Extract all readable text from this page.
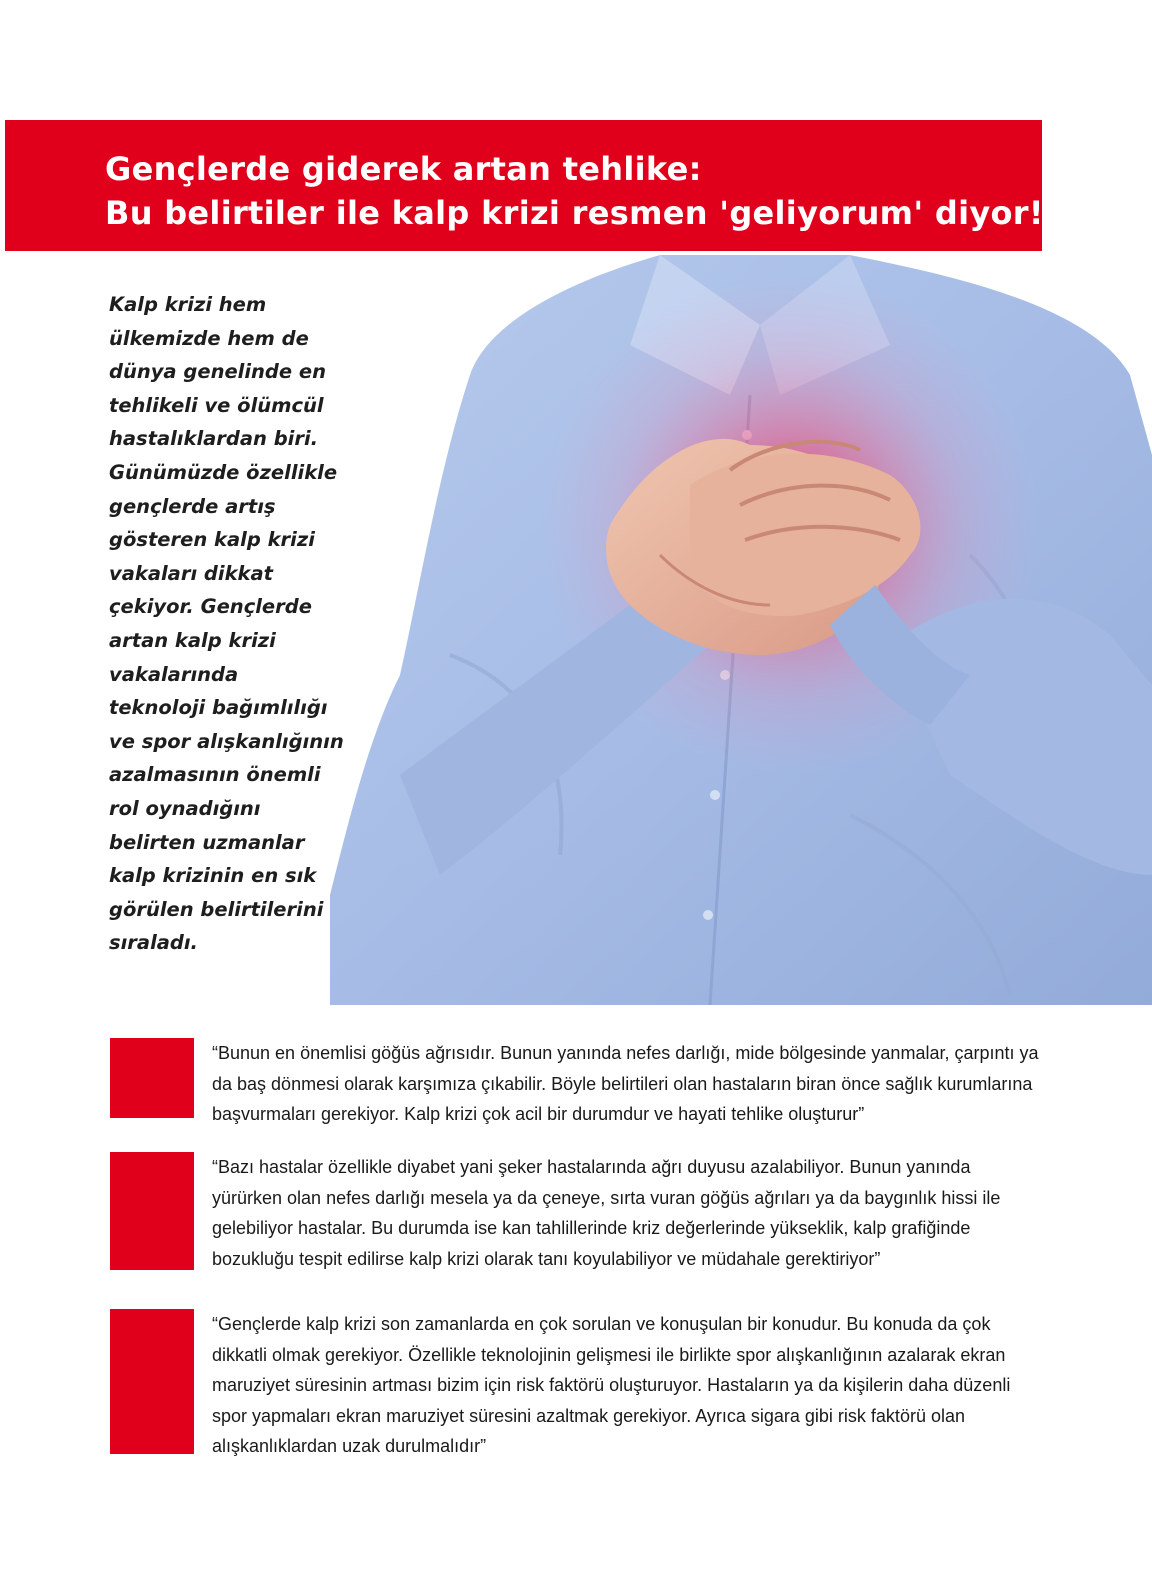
Gençlerde giderek artan tehlike:
Bu belirtiler ile kalp krizi resmen 'geliyorum' diyor!
Kalp krizi hem
ülkemizde hem de
dünya genelinde en
tehlikeli ve ölümcül
hastalıklardan biri.
Günümüzde özellikle
gençlerde artış
gösteren kalp krizi
vakaları dikkat
çekiyor. Gençlerde
artan kalp krizi
vakalarında
teknoloji bağımlılığı
ve spor alışkanlığının
azalmasının önemli
rol oynadığını
belirten uzmanlar
kalp krizinin en sık
görülen belirtilerini
sıraladı.
“Bunun en önemlisi göğüs ağrısıdır. Bunun yanında nefes darlığı, mide bölgesinde yanmalar, çarpıntı ya
da baş dönmesi olarak karşımıza çıkabilir. Böyle belirtileri olan hastaların biran önce sağlık kurumlarına
başvurmaları gerekiyor. Kalp krizi çok acil bir durumdur ve hayati tehlike oluşturur”
“Bazı hastalar özellikle diyabet yani şeker hastalarında ağrı duyusu azalabiliyor. Bunun yanında
yürürken olan nefes darlığı mesela ya da çeneye, sırta vuran göğüs ağrıları ya da baygınlık hissi ile
gelebiliyor hastalar. Bu durumda ise kan tahlillerinde kriz değerlerinde yükseklik, kalp grafiğinde
bozukluğu tespit edilirse kalp krizi olarak tanı koyulabiliyor ve müdahale gerektiriyor”
“Gençlerde kalp krizi son zamanlarda en çok sorulan ve konuşulan bir konudur. Bu konuda da çok
dikkatli olmak gerekiyor. Özellikle teknolojinin gelişmesi ile birlikte spor alışkanlığının azalarak ekran
maruziyet süresinin artması bizim için risk faktörü oluşturuyor. Hastaların ya da kişilerin daha düzenli
spor yapmaları ekran maruziyet süresini azaltmak gerekiyor. Ayrıca sigara gibi risk faktörü olan
alışkanlıklardan uzak durulmalıdır”
